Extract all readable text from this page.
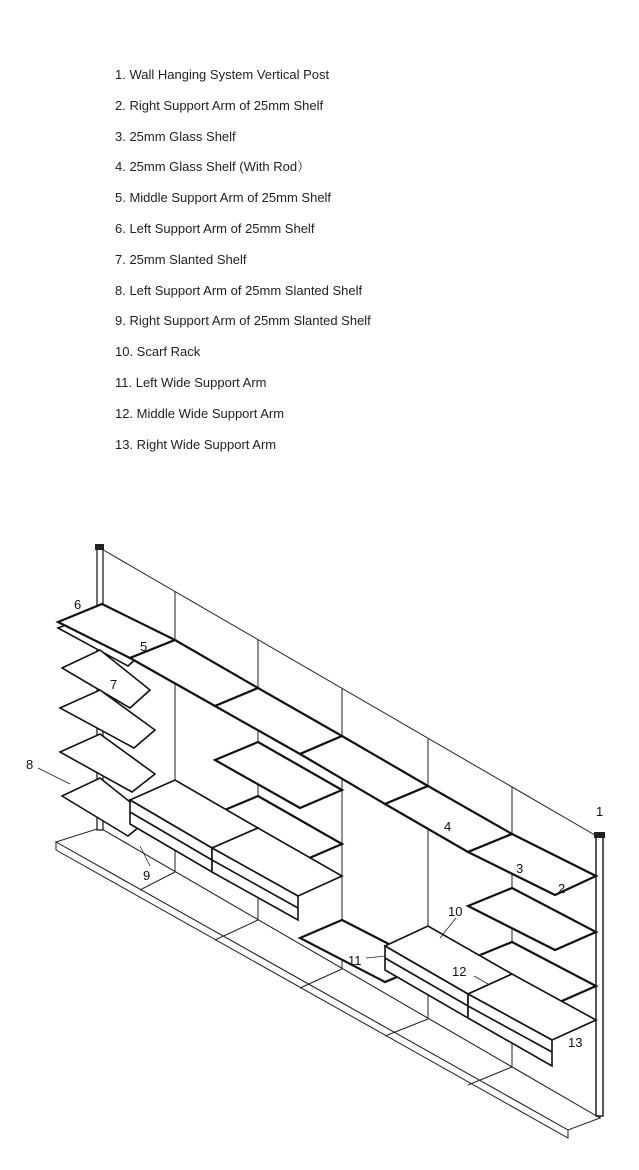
1. Wall Hanging System Vertical Post
2. Right Support Arm of 25mm Shelf
3. 25mm Glass Shelf
4. 25mm Glass Shelf (With Rod）
5. Middle Support Arm of 25mm Shelf
6. Left Support Arm of 25mm Shelf
7. 25mm Slanted Shelf
8. Left Support Arm of 25mm Slanted Shelf
9. Right Support Arm of 25mm Slanted Shelf
10. Scarf Rack
11. Left Wide Support Arm
12. Middle Wide Support Arm
13. Right Wide Support Arm
1
2
3
4
5
6
7
8
9
10
11
12
13
